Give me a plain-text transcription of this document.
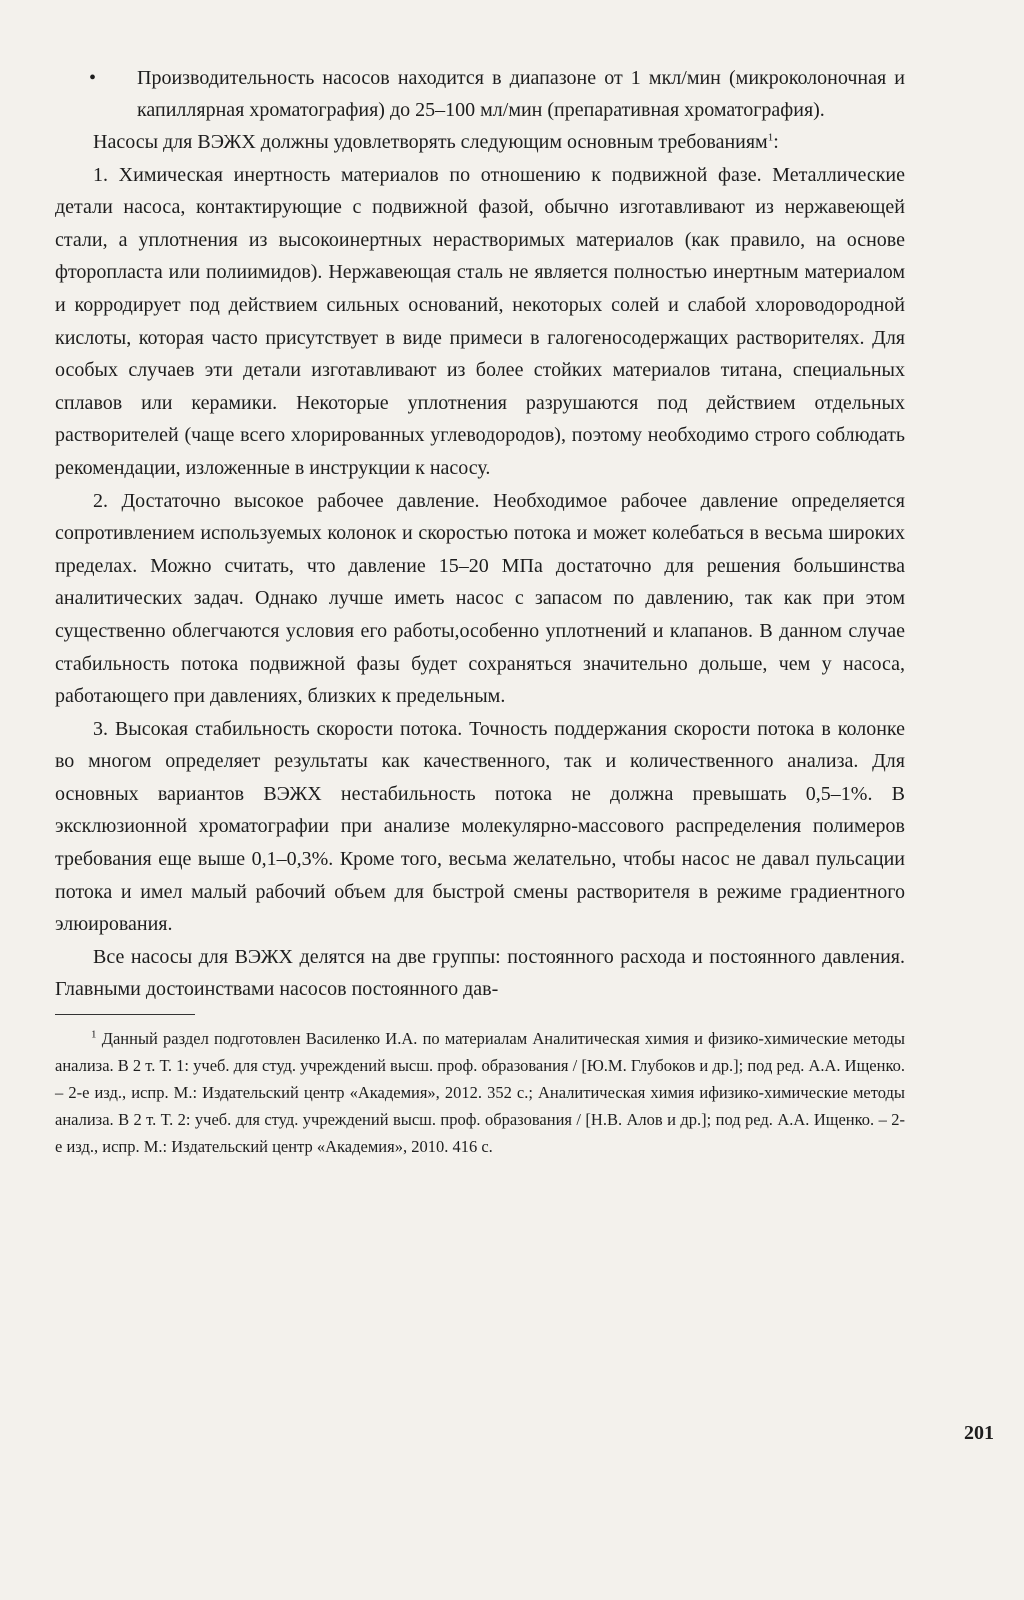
•	Производительность насосов находится в диапазоне от 1 мкл/мин (микроколоночная и капиллярная хроматография) до 25–100 мл/мин (препаративная хроматография).

Насосы для ВЭЖХ должны удовлетворять следующим основным требованиям$^1$:

1. Химическая инертность материалов по отношению к подвижной фазе. Металлические детали насоса, контактирующие с подвижной фазой, обычно изготавливают из нержавеющей стали, а уплотнения из высокоинертных нерастворимых материалов (как правило, на основе фторопласта или полиимидов). Нержавеющая сталь не является полностью инертным материалом и корродирует под действием сильных оснований, некоторых солей и слабой хлороводородной кислоты, которая часто присутствует в виде примеси в галогеносодержащих растворителях. Для особых случаев эти детали изготавливают из более стойких материалов титана, специальных сплавов или керамики. Некоторые уплотнения разрушаются под действием отдельных растворителей (чаще всего хлорированных углеводородов), поэтому необходимо строго соблюдать рекомендации, изложенные в инструкции к насосу.

2. Достаточно высокое рабочее давление. Необходимое рабочее давление определяется сопротивлением используемых колонок и скоростью потока и может колебаться в весьма широких пределах. Можно считать, что давление 15–20 МПа достаточно для решения большинства аналитических задач. Однако лучше иметь насос с запасом по давлению, так как при этом существенно облегчаются условия его работы,особенно уплотнений и клапанов. В данном случае стабильность потока подвижной фазы будет сохраняться значительно дольше, чем у насоса, работающего при давлениях, близких к предельным.

3. Высокая стабильность скорости потока. Точность поддержания скорости потока в колонке во многом определяет результаты как качественного, так и количественного анализа. Для основных вариантов ВЭЖХ нестабильность потока не должна превышать 0,5–1%. В эксклюзионной хроматографии при анализе молекулярно-массового распределения полимеров требования еще выше 0,1–0,3%. Кроме того, весьма желательно, чтобы насос не давал пульсации потока и имел малый рабочий объем для быстрой смены растворителя в режиме градиентного элюирования.

Все насосы для ВЭЖХ делятся на две группы: постоянного расхода и постоянного давления. Главными достоинствами насосов постоянного дав-

$^1$ Данный раздел подготовлен Василенко И.А. по материалам Аналитическая химия и физико-химические методы анализа. В 2 т. Т. 1: учеб. для студ. учреждений высш. проф. образования / [Ю.М. Глубоков и др.]; под ред. А.А. Ищенко. – 2-е изд., испр. М.: Издательский центр «Академия», 2012. 352 с.; Аналитическая химия ифизико-химические методы анализа. В 2 т. Т. 2: учеб. для студ. учреждений высш. проф. образования / [Н.В. Алов и др.]; под ред. А.А. Ищенко. – 2-е изд., испр. М.: Издательский центр «Академия», 2010. 416 с.

201
